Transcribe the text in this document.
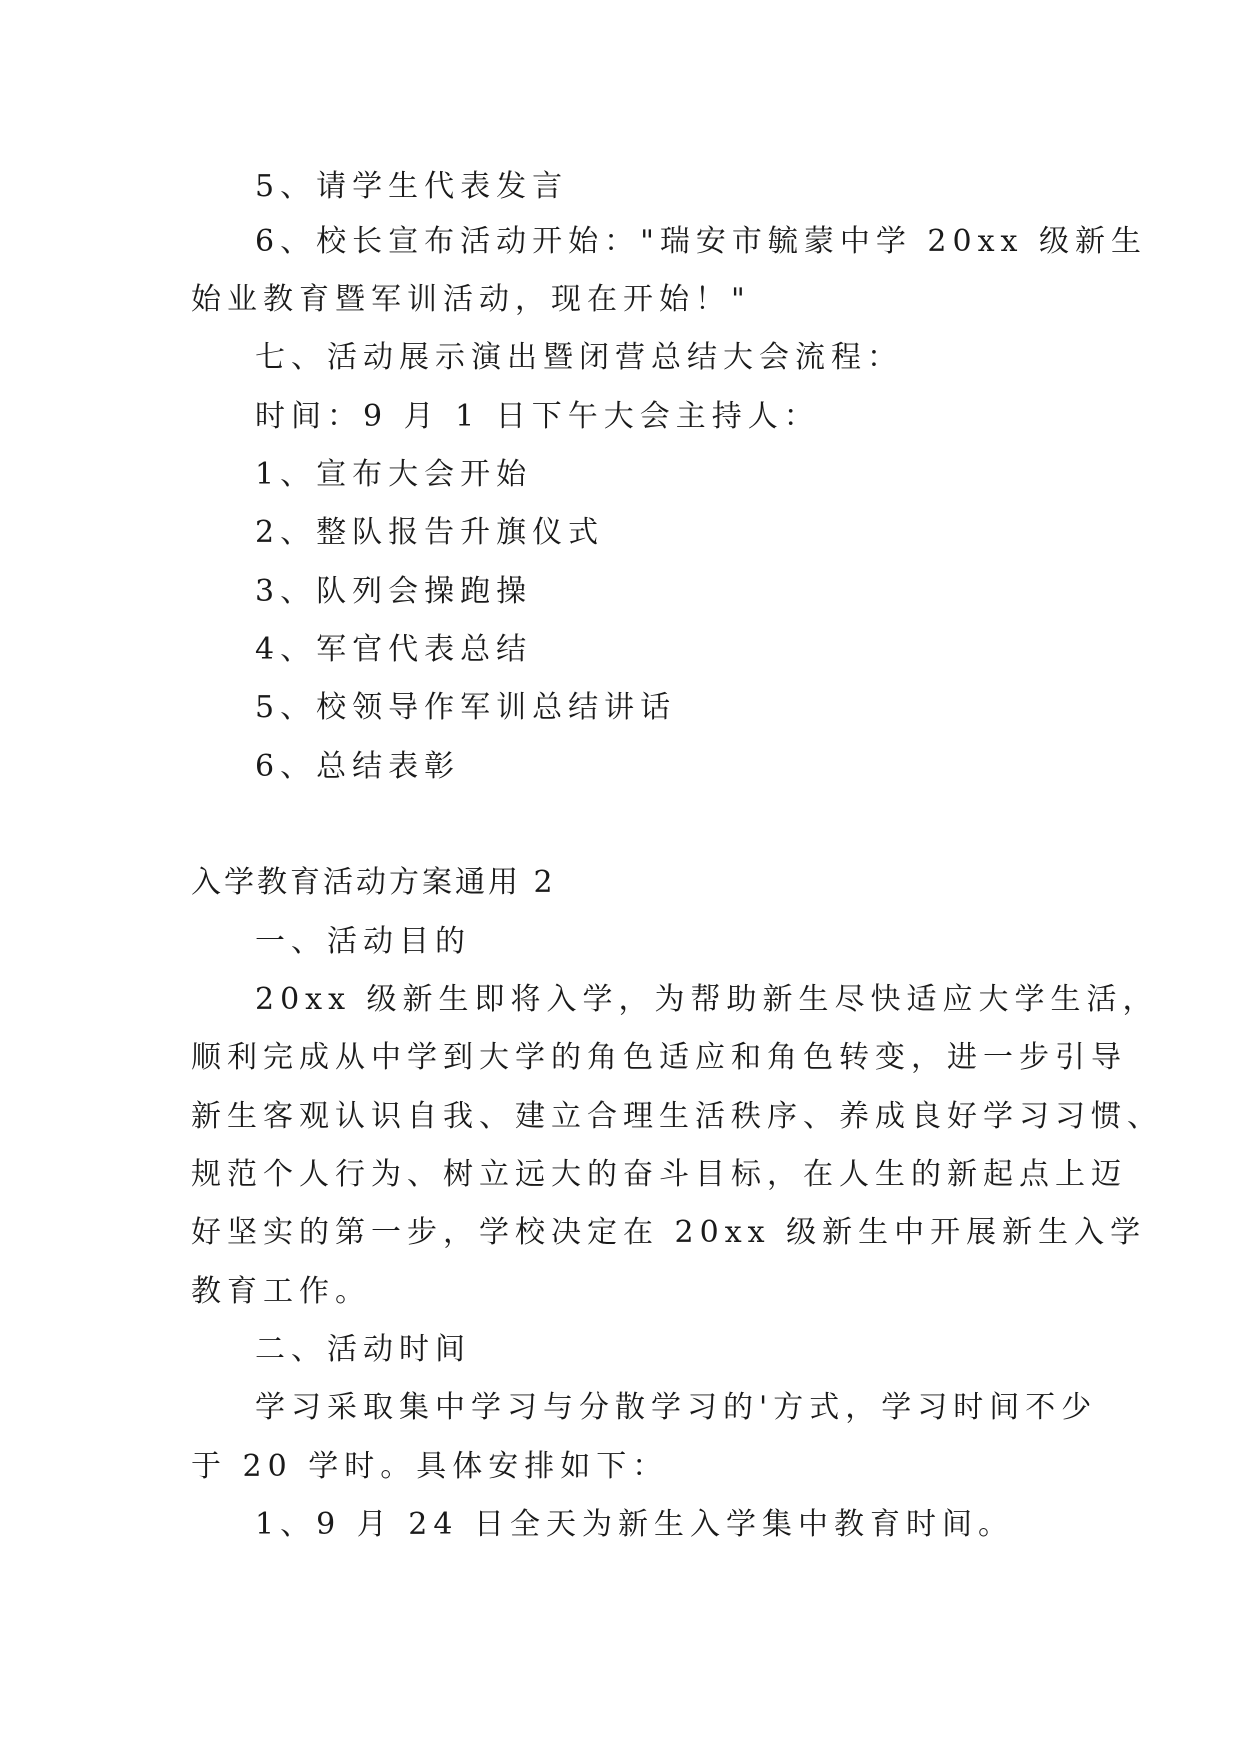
5、请学生代表发言
6、校长宣布活动开始："瑞安市毓蒙中学 20xx 级新生
始业教育暨军训活动，现在开始！"
七、活动展示演出暨闭营总结大会流程：
时间：9 月 1 日下午大会主持人：
1、宣布大会开始
2、整队报告升旗仪式
3、队列会操跑操
4、军官代表总结
5、校领导作军训总结讲话
6、总结表彰
入学教育活动方案通用 2
一、活动目的
20xx 级新生即将入学，为帮助新生尽快适应大学生活，
顺利完成从中学到大学的角色适应和角色转变，进一步引导
新生客观认识自我、建立合理生活秩序、养成良好学习习惯、
规范个人行为、树立远大的奋斗目标，在人生的新起点上迈
好坚实的第一步，学校决定在 20xx 级新生中开展新生入学
教育工作。
二、活动时间
学习采取集中学习与分散学习的'方式，学习时间不少
于 20 学时。具体安排如下：
1、9 月 24 日全天为新生入学集中教育时间。
